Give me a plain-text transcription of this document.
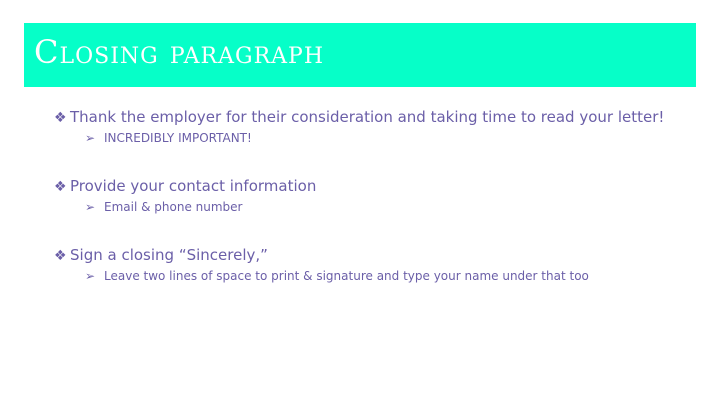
Closing paragraph
❖ Thank the employer for their consideration and taking time to read your letter!
➢ INCREDIBLY IMPORTANT!
❖ Provide your contact information
➢ Email & phone number
❖ Sign a closing “Sincerely,”
➢ Leave two lines of space to print & signature and type your name under that too
